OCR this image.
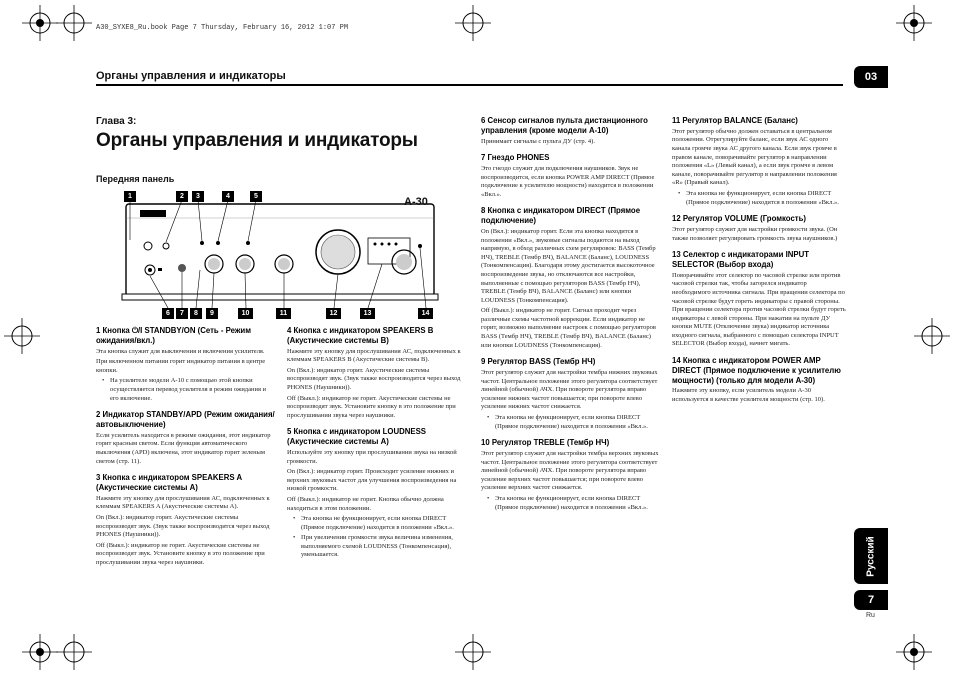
A30_SYXE8_Ru.book Page 7 Thursday, February 16, 2012 1:07 PM
Органы управления и индикаторы	03
Глава 3:
Органы управления и индикаторы
Передняя панель
A-30
1	2	3	4	5
6	7	8	9	10	11	12	13	14
1 Кнопка ⏻/I STANDBY/ON (Сеть - Режим ожидания/вкл.)
Эта кнопка служит для выключения и включения усилителя.
При включенном питании горит индикатор питания в центре кнопки.
• На усилителе модели A-10 с помощью этой кнопки осуществляется перевод усилителя в режим ожидания и его включение.
2 Индикатор STANDBY/APD (Режим ожидания/автовыключение)
Если усилитель находится в режиме ожидания, этот индикатор горит красным светом. Если функция автоматического выключения (APD) включена, этот индикатор горит зеленым светом (стр. 11).
3 Кнопка с индикатором SPEAKERS A (Акустические системы A)
Нажмите эту кнопку для прослушивания АС, подключенных к клеммам SPEAKERS A (Акустические системы A).
On (Вкл.): индикатор горит. Акустические системы воспроизводят звук. (Звук также воспроизводится через выход PHONES (Наушники)).
Off (Выкл.): индикатор не горит. Акустические системы не воспроизводят звук. Установите кнопку в это положение при прослушивании звука через наушники.
4 Кнопка с индикатором SPEAKERS B (Акустические системы B)
Нажмите эту кнопку для прослушивания АС, подключенных к клеммам SPEAKERS B (Акустические системы B).
On (Вкл.): индикатор горит. Акустические системы воспроизводят звук. (Звук также воспроизводится через выход PHONES (Наушники)).
Off (Выкл.): индикатор не горит. Акустические системы не воспроизводят звук. Установите кнопку в это положение при прослушивании звука через наушники.
5 Кнопка с индикатором LOUDNESS (Акустические системы A)
Используйте эту кнопку при прослушивании звука на низкой громкости.
On (Вкл.): индикатор горит. Происходит усиление нижних и верхних звуковых частот для улучшения воспроизведения на низкой громкости.
Off (Выкл.): индикатор не горит. Кнопка обычно должна находиться в этом положении.
• Эта кнопка не функционирует, если кнопка DIRECT (Прямое подключение) находится в положении «Вкл.».
• При увеличении громкости звука величина изменения, выполняемого схемой LOUDNESS (Тонкомпенсация), уменьшается.
6 Сенсор сигналов пульта дистанционного управления (кроме модели A-10)
Принимает сигналы с пульта ДУ (стр. 4).
7 Гнездо PHONES
Это гнездо служит для подключения наушников. Звук не воспроизводится, если кнопка POWER AMP DIRECT (Прямое подключение к усилителю мощности) находится в положении «Вкл.».
8 Кнопка с индикатором DIRECT (Прямое подключение)
On (Вкл.): индикатор горит. Если эта кнопка находится в положении «Вкл.», звуковые сигналы подаются на выход напрямую, в обход различных схем регулировок: BASS (Тембр НЧ), TREBLE (Тембр ВЧ), BALANCE (Баланс), LOUDNESS (Тонкомпенсация). Благодаря этому достигается высокоточное воспроизведение звука, но отключаются все настройки, выполненные с помощью регуляторов BASS (Тембр НЧ), TREBLE (Тембр ВЧ), BALANCE (Баланс) или кнопки LOUDNESS (Тонкомпенсация).
Off (Выкл.): индикатор не горит. Сигнал проходит через различные схемы частотной коррекции. Если индикатор не горит, возможно выполнение настроек с помощью регуляторов BASS (Тембр НЧ), TREBLE (Тембр ВЧ), BALANCE (Баланс) или кнопки LOUDNESS (Тонкомпенсация).
9 Регулятор BASS (Тембр НЧ)
Этот регулятор служит для настройки тембра нижних звуковых частот. Центральное положение этого регулятора соответствует линейной (обычной) АЧХ. При повороте регулятора вправо усиление нижних частот повышается; при повороте влево усиление нижних частот снижается.
• Эта кнопка не функционирует, если кнопка DIRECT (Прямое подключение) находится в положении «Вкл.».
10 Регулятор TREBLE (Тембр НЧ)
Этот регулятор служит для настройки тембра верхних звуковых частот. Центральное положение этого регулятора соответствует линейной (обычной) АЧХ. При повороте регулятора вправо усиление верхних частот повышается; при повороте влево усиление верхних частот снижается.
• Эта кнопка не функционирует, если кнопка DIRECT (Прямое подключение) находится в положении «Вкл.».
11 Регулятор BALANCE (Баланс)
Этот регулятор обычно должен оставаться в центральном положении. Отрегулируйте баланс, если звук АС одного канала громче звука АС другого канала. Если звук громче в правом канале, поворачивайте регулятор в направлении положения «L» (Левый канал), а если звук громче в левом канале, поворачивайте регулятор в направлении положения «R» (Правый канал).
• Эта кнопка не функционирует, если кнопка DIRECT (Прямое подключение) находится в положении «Вкл.».
12 Регулятор VOLUME (Громкость)
Этот регулятор служит для настройки громкости звука. (Он также позволяет регулировать громкость звука наушников.)
13 Селектор с индикаторами INPUT SELECTOR (Выбор входа)
Поворачивайте этот селектор по часовой стрелке или против часовой стрелки так, чтобы загорелся индикатор необходимого источника сигнала. При вращении селектора по часовой стрелке будут гореть индикаторы с правой стороны. При вращении селектора против часовой стрелки будут гореть индикаторы с левой стороны. При нажатии на пульте ДУ кнопки MUTE (Отключение звука) индикатор источника входного сигнала, выбранного с помощью селектора INPUT SELECTOR (Выбор входа), начнет мигать.
14 Кнопка с индикатором POWER AMP DIRECT (Прямое подключение к усилителю мощности) (только для модели A-30)
Нажмите эту кнопку, если усилитель модели A-30 используется в качестве усилителя мощности (стр. 10).
Русский
7
Ru
